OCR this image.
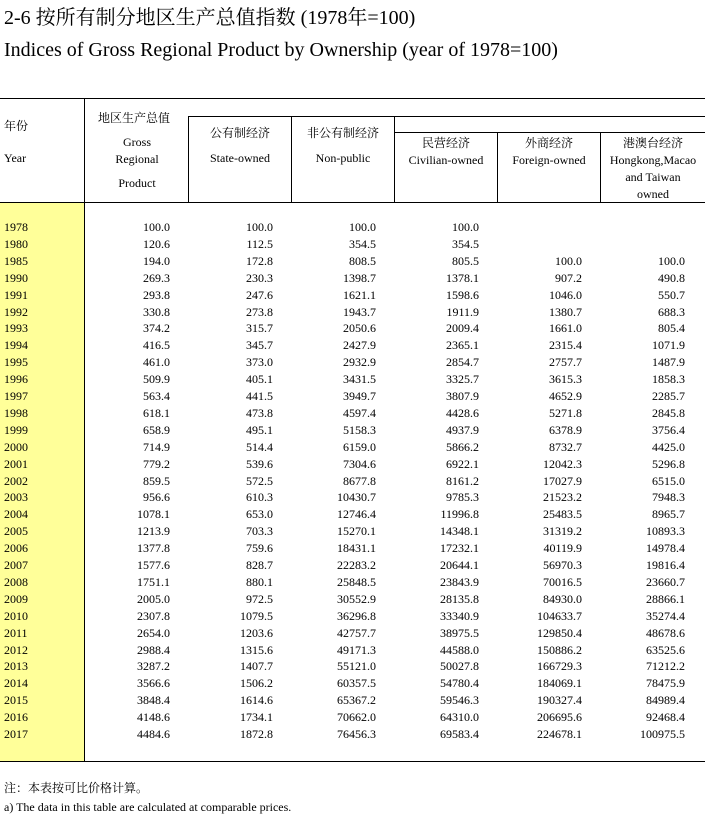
2-6 按所有制分地区生产总值指数 (1978年=100)
Indices of Gross Regional Product by Ownership (year of 1978=100)
年份
Year
地区生产总值
Gross
Regional
Product
公有制经济
State-owned
非公有制经济
Non-public
民营经济
Civilian-owned
外商经济
Foreign-owned
港澳台经济
Hongkong,Macao
and Taiwan
owned
1978	100.0	100.0	100.0	100.0
1980	120.6	112.5	354.5	354.5
1985	194.0	172.8	808.5	805.5	100.0	100.0
1990	269.3	230.3	1398.7	1378.1	907.2	490.8
1991	293.8	247.6	1621.1	1598.6	1046.0	550.7
1992	330.8	273.8	1943.7	1911.9	1380.7	688.3
1993	374.2	315.7	2050.6	2009.4	1661.0	805.4
1994	416.5	345.7	2427.9	2365.1	2315.4	1071.9
1995	461.0	373.0	2932.9	2854.7	2757.7	1487.9
1996	509.9	405.1	3431.5	3325.7	3615.3	1858.3
1997	563.4	441.5	3949.7	3807.9	4652.9	2285.7
1998	618.1	473.8	4597.4	4428.6	5271.8	2845.8
1999	658.9	495.1	5158.3	4937.9	6378.9	3756.4
2000	714.9	514.4	6159.0	5866.2	8732.7	4425.0
2001	779.2	539.6	7304.6	6922.1	12042.3	5296.8
2002	859.5	572.5	8677.8	8161.2	17027.9	6515.0
2003	956.6	610.3	10430.7	9785.3	21523.2	7948.3
2004	1078.1	653.0	12746.4	11996.8	25483.5	8965.7
2005	1213.9	703.3	15270.1	14348.1	31319.2	10893.3
2006	1377.8	759.6	18431.1	17232.1	40119.9	14978.4
2007	1577.6	828.7	22283.2	20644.1	56970.3	19816.4
2008	1751.1	880.1	25848.5	23843.9	70016.5	23660.7
2009	2005.0	972.5	30552.9	28135.8	84930.0	28866.1
2010	2307.8	1079.5	36296.8	33340.9	104633.7	35274.4
2011	2654.0	1203.6	42757.7	38975.5	129850.4	48678.6
2012	2988.4	1315.6	49171.3	44588.0	150886.2	63525.6
2013	3287.2	1407.7	55121.0	50027.8	166729.3	71212.2
2014	3566.6	1506.2	60357.5	54780.4	184069.1	78475.9
2015	3848.4	1614.6	65367.2	59546.3	190327.4	84989.4
2016	4148.6	1734.1	70662.0	64310.0	206695.6	92468.4
2017	4484.6	1872.8	76456.3	69583.4	224678.1	100975.5
注：本表按可比价格计算。
a) The data in this table are calculated at comparable prices.
